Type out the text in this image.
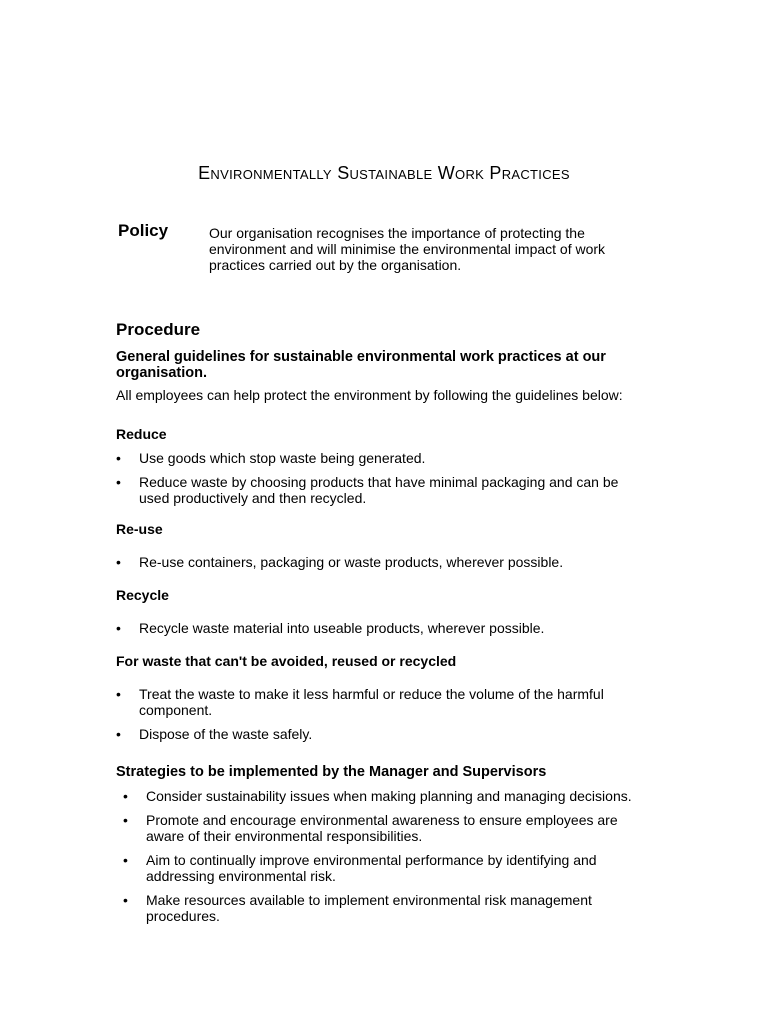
Environmentally Sustainable Work Practices
Policy	Our organisation recognises the importance of protecting the environment and will minimise the environmental impact of work practices carried out by the organisation.
Procedure
General guidelines for sustainable environmental work practices at our organisation.
All employees can help protect the environment by following the guidelines below:
Reduce
• Use goods which stop waste being generated.
• Reduce waste by choosing products that have minimal packaging and can be used productively and then recycled.
Re-use
• Re-use containers, packaging or waste products, wherever possible.
Recycle
• Recycle waste material into useable products, wherever possible.
For waste that can't be avoided, reused or recycled
• Treat the waste to make it less harmful or reduce the volume of the harmful component.
• Dispose of the waste safely.
Strategies to be implemented by the Manager and Supervisors
• Consider sustainability issues when making planning and managing decisions.
• Promote and encourage environmental awareness to ensure employees are aware of their environmental responsibilities.
• Aim to continually improve environmental performance by identifying and addressing environmental risk.
• Make resources available to implement environmental risk management procedures.
